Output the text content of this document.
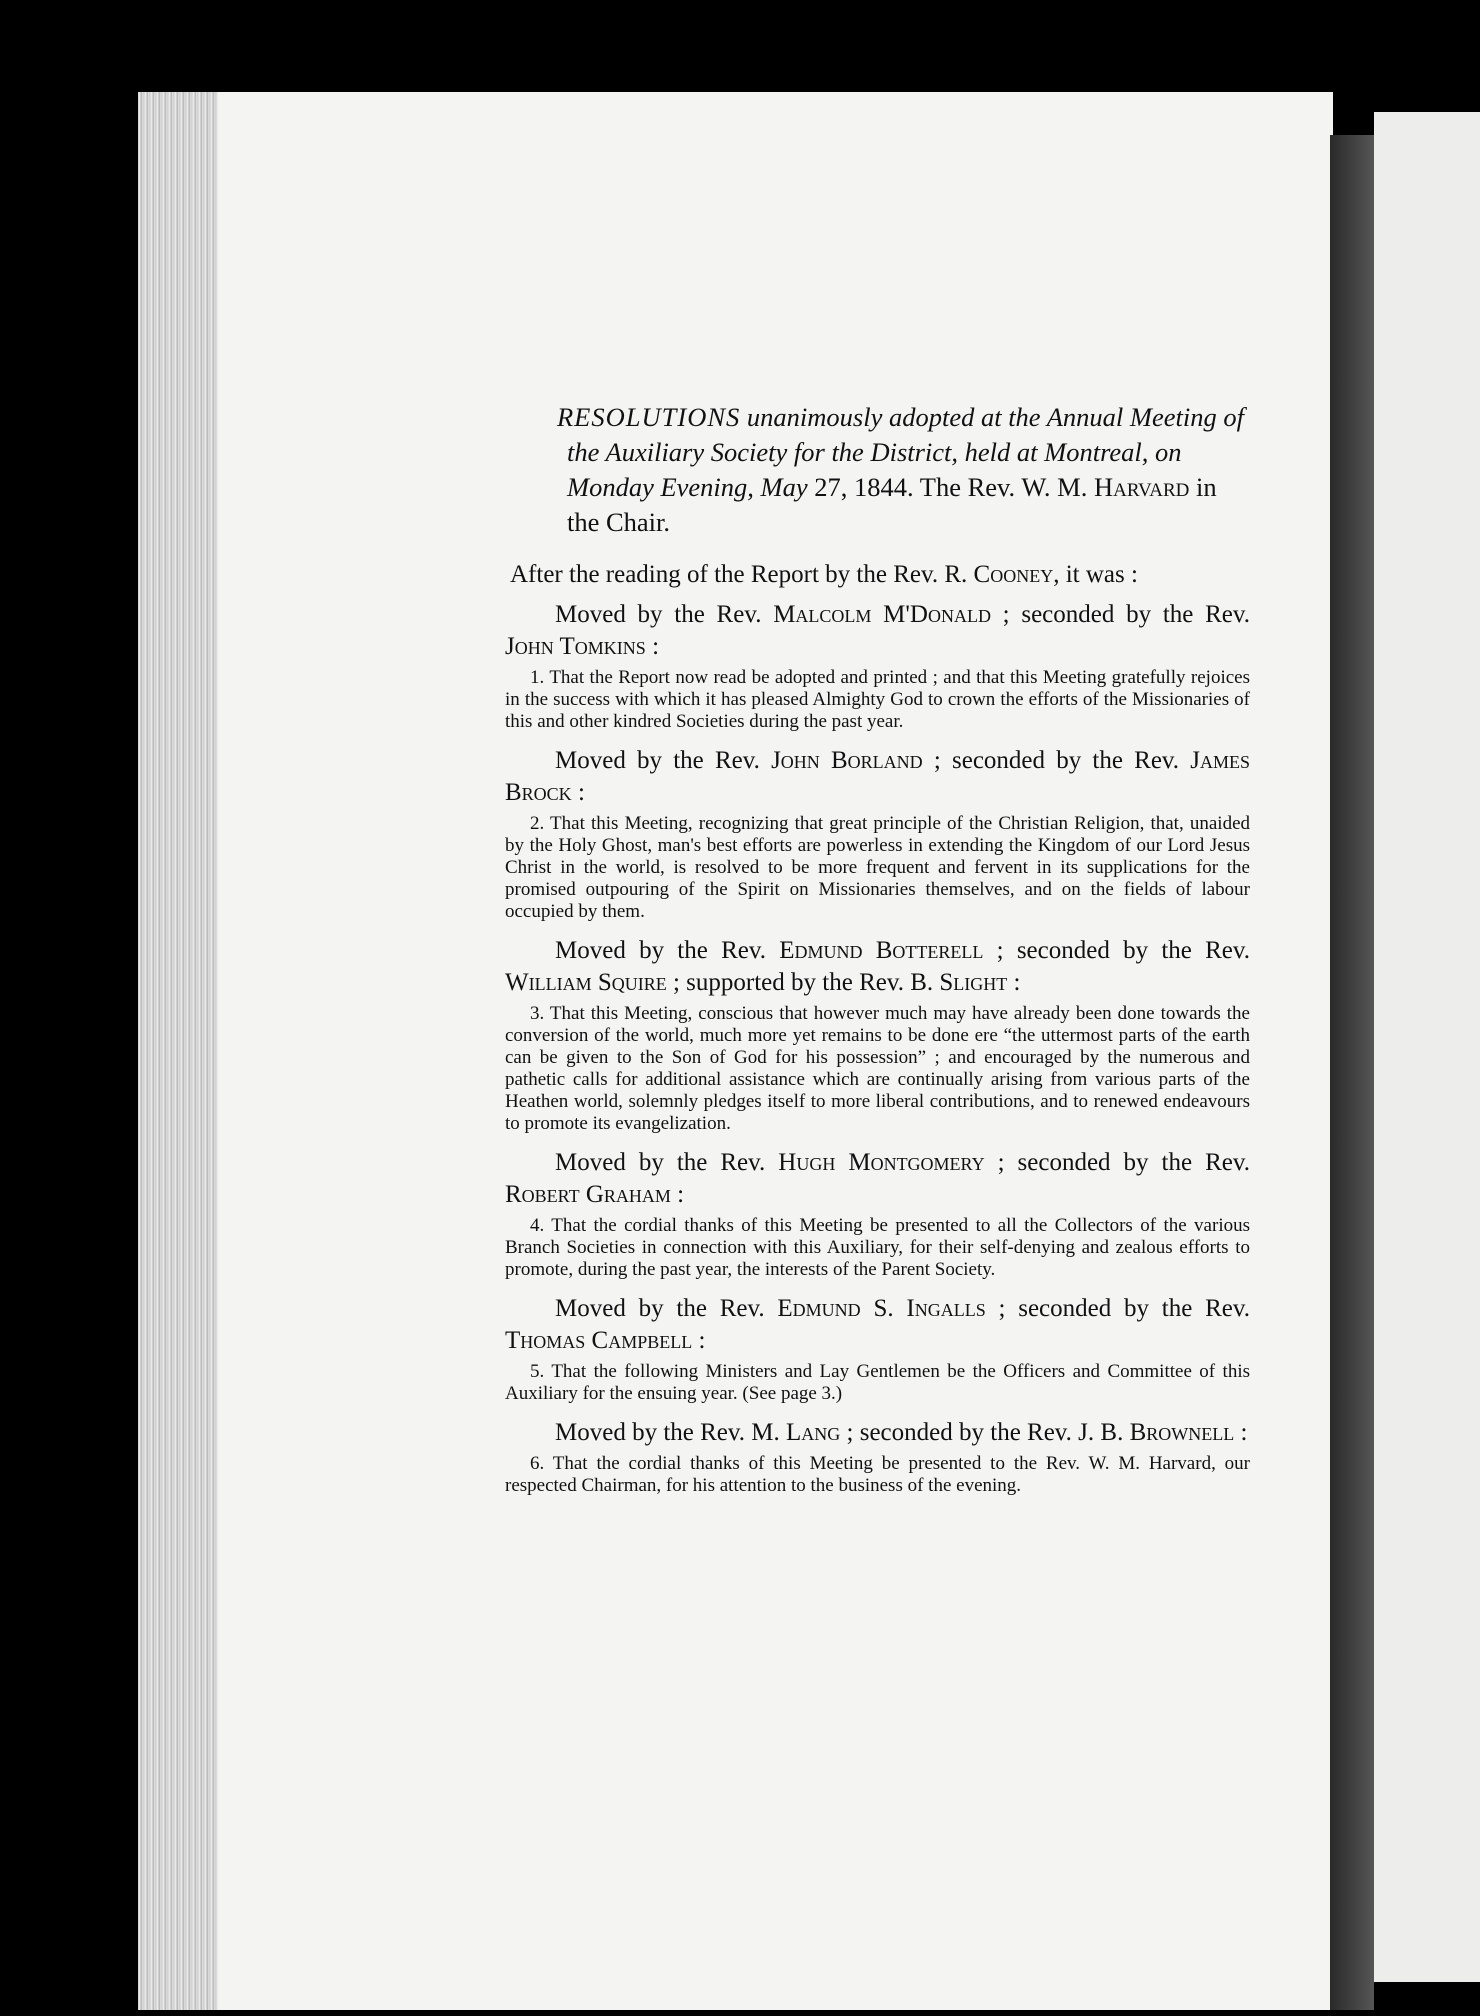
RESOLUTIONS unanimously adopted at the Annual Meeting of the Auxiliary Society for the District, held at Montreal, on Monday Evening, May 27, 1844. The Rev. W. M. Harvard in the Chair.

After the reading of the Report by the Rev. R. Cooney, it was :

Moved by the Rev. Malcolm M'Donald ; seconded by the Rev. John Tomkins :

1. That the Report now read be adopted and printed ; and that this Meeting gratefully rejoices in the success with which it has pleased Almighty God to crown the efforts of the Missionaries of this and other kindred Societies during the past year.

Moved by the Rev. John Borland ; seconded by the Rev. James Brock :

2. That this Meeting, recognizing that great principle of the Christian Religion, that, unaided by the Holy Ghost, man's best efforts are powerless in extending the Kingdom of our Lord Jesus Christ in the world, is resolved to be more frequent and fervent in its supplications for the promised outpouring of the Spirit on Missionaries themselves, and on the fields of labour occupied by them.

Moved by the Rev. Edmund Botterell ; seconded by the Rev. William Squire ; supported by the Rev. B. Slight :

3. That this Meeting, conscious that however much may have already been done towards the conversion of the world, much more yet remains to be done ere “the uttermost parts of the earth can be given to the Son of God for his possession” ; and encouraged by the numerous and pathetic calls for additional assistance which are continually arising from various parts of the Heathen world, solemnly pledges itself to more liberal contributions, and to renewed endeavours to promote its evangelization.

Moved by the Rev. Hugh Montgomery ; seconded by the Rev. Robert Graham :

4. That the cordial thanks of this Meeting be presented to all the Collectors of the various Branch Societies in connection with this Auxiliary, for their self-denying and zealous efforts to promote, during the past year, the interests of the Parent Society.

Moved by the Rev. Edmund S. Ingalls ; seconded by the Rev. Thomas Campbell :

5. That the following Ministers and Lay Gentlemen be the Officers and Committee of this Auxiliary for the ensuing year. (See page 3.)

Moved by the Rev. M. Lang ; seconded by the Rev. J. B. Brownell :

6. That the cordial thanks of this Meeting be presented to the Rev. W. M. Harvard, our respected Chairman, for his attention to the business of the evening.
